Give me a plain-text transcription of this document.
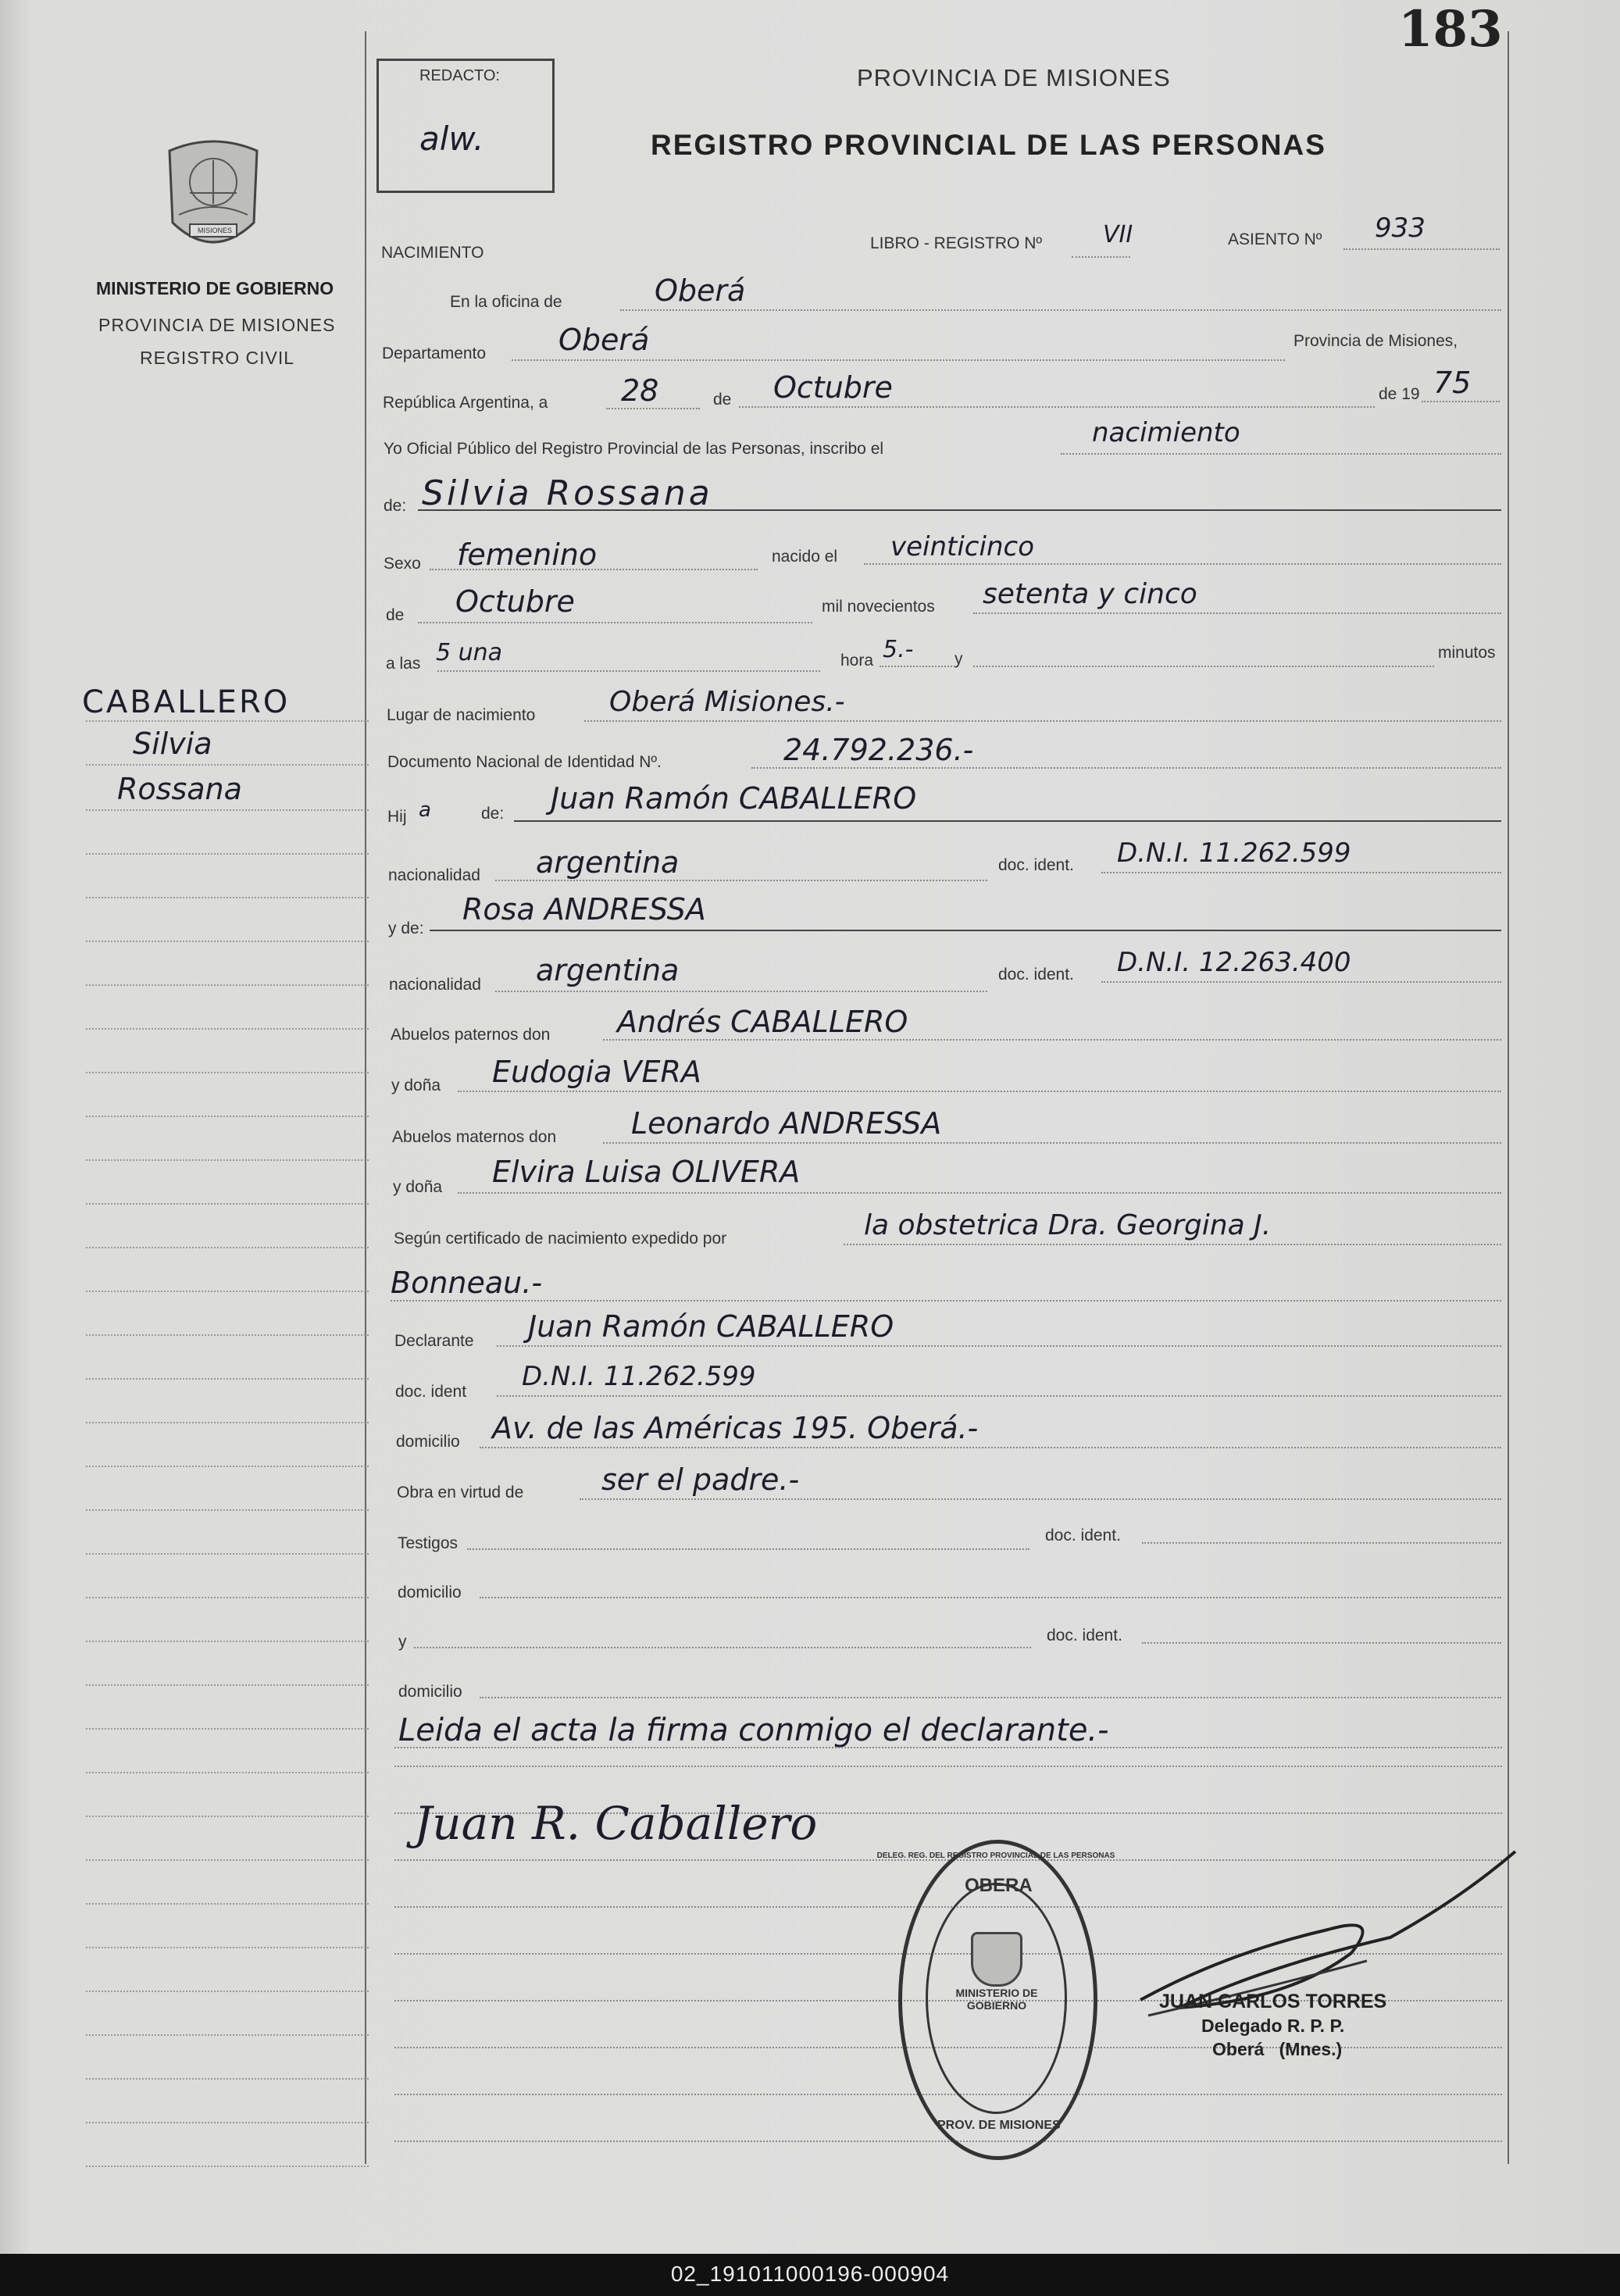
183
REDACTO:
alw.
PROVINCIA DE MISIONES
REGISTRO PROVINCIAL DE LAS PERSONAS
MISIONES
MINISTERIO DE GOBIERNO
PROVINCIA DE MISIONES
REGISTRO CIVIL
CABALLERO
Silvia
Rossana
NACIMIENTO
LIBRO - REGISTRO Nº	VII	ASIENTO Nº 933
En la oficina de	Oberá
Departamento Oberá	Provincia de Misiones,
República Argentina, a 28	de Octubre	de 19 75
Yo Oficial Público del Registro Provincial de las Personas, inscribo el
nacimiento
de: Silvia Rossana
Sexo femenino	nacido el veinticinco
de Octubre	mil novecientos setenta y cinco
a las 5 una	hora 5.-	y	minutos
Lugar de nacimiento	Oberá Misiones.-
Documento Nacional de Identidad Nº.	24.792.236.-
Hij a	de: Juan Ramón CABALLERO
nacionalidad argentina	doc. ident. D.N.I. 11.262.599
y de:
Rosa ANDRESSA
nacionalidad argentina	doc. ident. D.N.I. 12.263.400
Abuelos paternos don Andrés CABALLERO
y doña Eudogia VERA
Abuelos maternos don	Leonardo ANDRESSA
y doña Elvira Luisa OLIVERA
Según certificado de nacimiento expedido por	la obstetrica Dra. Georgina J.
Bonneau.-
Declarante Juan Ramón CABALLERO
doc. ident D.N.I. 11.262.599
domicilio Av. de las Américas 195. Oberá.-
Obra en virtud de	ser el padre.-
Testigos	doc. ident.
domicilio
y	doc. ident.
domicilio
Leida el acta la firma conmigo el declarante.-
Juan R. Caballero
OBERA
DELEG. REG. DEL REGISTRO PROVINCIAL DE LAS PERSONAS
MINISTERIO DE GOBIERNO
PROV. DE MISIONES
JUAN CARLOS TORRES
Delegado R. P. P.
Oberá   (Mnes.)
02_191011000196-000904
